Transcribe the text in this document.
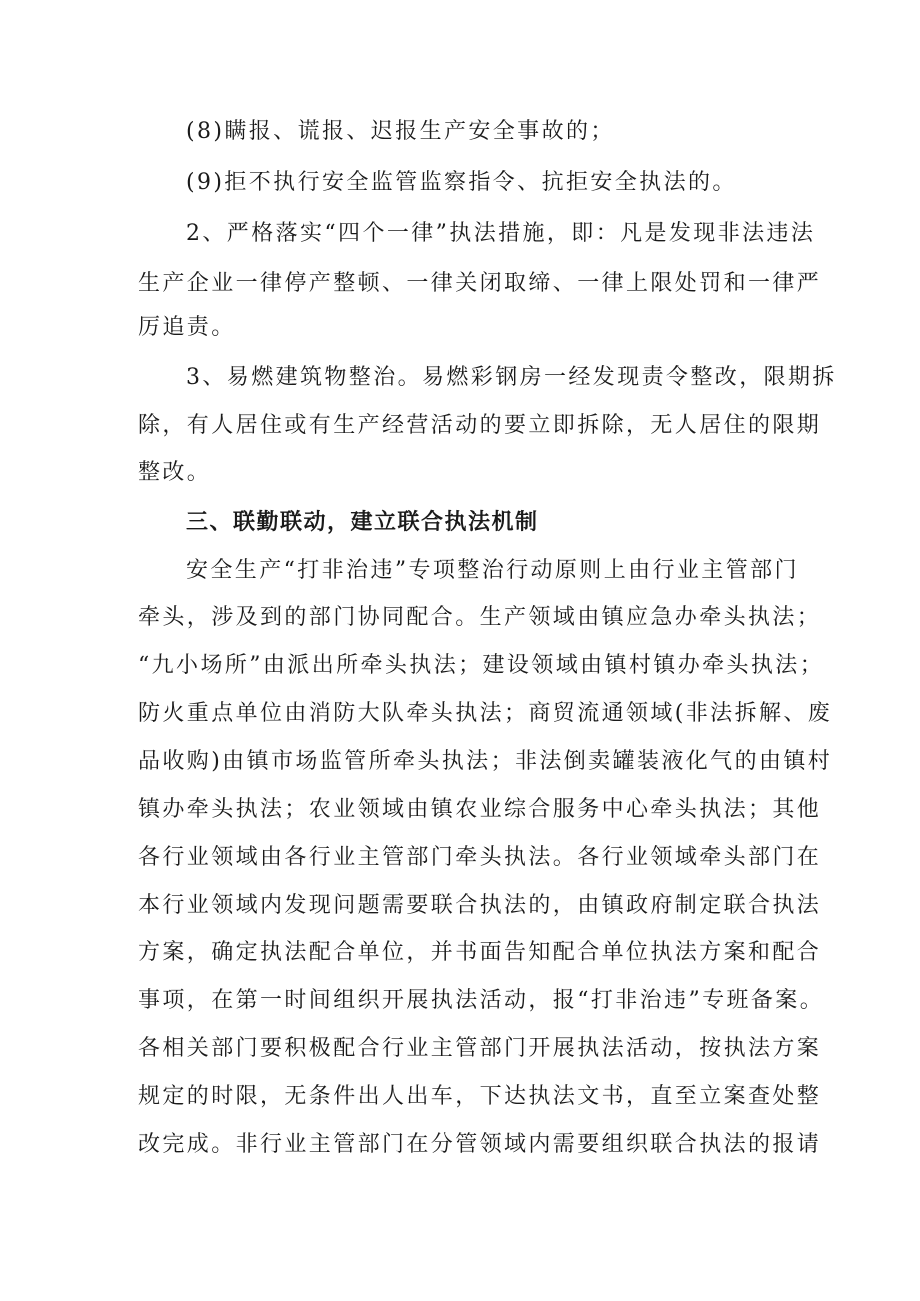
(8)瞒报、谎报、迟报生产安全事故的；
(9)拒不执行安全监管监察指令、抗拒安全执法的。
2、严格落实“四个一律”执法措施，即：凡是发现非法违法
生产企业一律停产整顿、一律关闭取缔、一律上限处罚和一律严
厉追责。
3、易燃建筑物整治。易燃彩钢房一经发现责令整改，限期拆
除，有人居住或有生产经营活动的要立即拆除，无人居住的限期
整改。
三、联勤联动，建立联合执法机制
安全生产“打非治违”专项整治行动原则上由行业主管部门
牵头，涉及到的部门协同配合。生产领域由镇应急办牵头执法；
“九小场所”由派出所牵头执法；建设领域由镇村镇办牵头执法；
防火重点单位由消防大队牵头执法；商贸流通领域(非法拆解、废
品收购)由镇市场监管所牵头执法；非法倒卖罐装液化气的由镇村
镇办牵头执法；农业领域由镇农业综合服务中心牵头执法；其他
各行业领域由各行业主管部门牵头执法。各行业领域牵头部门在
本行业领域内发现问题需要联合执法的，由镇政府制定联合执法
方案，确定执法配合单位，并书面告知配合单位执法方案和配合
事项，在第一时间组织开展执法活动，报“打非治违”专班备案。
各相关部门要积极配合行业主管部门开展执法活动，按执法方案
规定的时限，无条件出人出车，下达执法文书，直至立案查处整
改完成。非行业主管部门在分管领域内需要组织联合执法的报请
